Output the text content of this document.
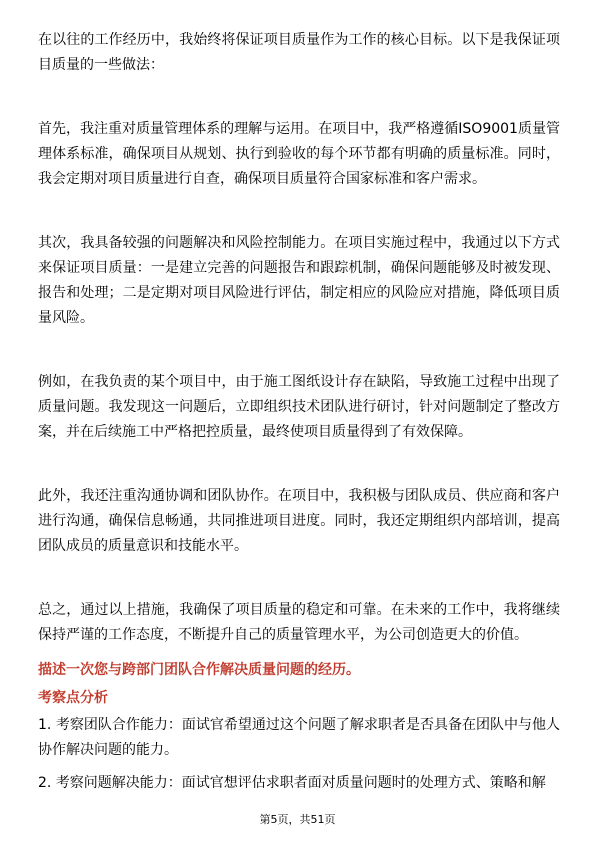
在以往的工作经历中，我始终将保证项目质量作为工作的核心目标。以下是我保证项目质量的一些做法：

首先，我注重对质量管理体系的理解与运用。在项目中，我严格遵循ISO9001质量管理体系标准，确保项目从规划、执行到验收的每个环节都有明确的质量标准。同时，我会定期对项目质量进行自查，确保项目质量符合国家标准和客户需求。

其次，我具备较强的问题解决和风险控制能力。在项目实施过程中，我通过以下方式来保证项目质量：一是建立完善的问题报告和跟踪机制，确保问题能够及时被发现、报告和处理；二是定期对项目风险进行评估，制定相应的风险应对措施，降低项目质量风险。

例如，在我负责的某个项目中，由于施工图纸设计存在缺陷，导致施工过程中出现了质量问题。我发现这一问题后，立即组织技术团队进行研讨，针对问题制定了整改方案，并在后续施工中严格把控质量，最终使项目质量得到了有效保障。

此外，我还注重沟通协调和团队协作。在项目中，我积极与团队成员、供应商和客户进行沟通，确保信息畅通，共同推进项目进度。同时，我还定期组织内部培训，提高团队成员的质量意识和技能水平。

总之，通过以上措施，我确保了项目质量的稳定和可靠。在未来的工作中，我将继续保持严谨的工作态度，不断提升自己的质量管理水平，为公司创造更大的价值。

描述一次您与跨部门团队合作解决质量问题的经历。
考察点分析
1. 考察团队合作能力：面试官希望通过这个问题了解求职者是否具备在团队中与他人协作解决问题的能力。
2. 考察问题解决能力：面试官想评估求职者面对质量问题时的处理方式、策略和解
第5页，共51页
